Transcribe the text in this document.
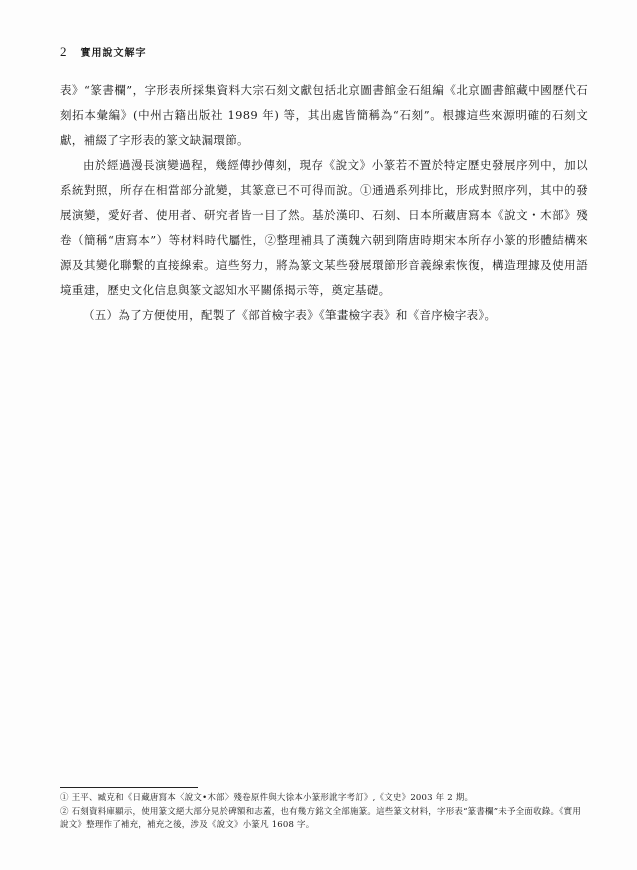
2 實用說文解字

表》“篆書欄”，字形表所採集資料大宗石刻文獻包括北京圖書館金石組編《北京圖書館藏中國歷代石刻拓本彙編》(中州古籍出版社 1989 年) 等，其出處皆簡稱為“石刻”。根據這些來源明確的石刻文獻，補綴了字形表的篆文缺漏環節。

由於經過漫長演變過程，幾經傳抄傳刻，現存《說文》小篆若不置於特定歷史發展序列中，加以系統對照，所存在相當部分訛變，其篆意已不可得而說。①通過系列排比，形成對照序列，其中的發展演變，愛好者、使用者、研究者皆一目了然。基於漢印、石刻、日本所藏唐寫本《說文・木部》殘卷（簡稱“唐寫本”）等材料時代屬性，②整理補具了漢魏六朝到隋唐時期宋本所存小篆的形體結構來源及其變化聯繫的直接線索。這些努力，將為篆文某些發展環節形音義線索恢復，構造理據及使用語境重建，歷史文化信息與篆文認知水平關係揭示等，奠定基礎。

（五）為了方便使用，配製了《部首檢字表》《筆畫檢字表》和《音序檢字表》。

① 王平、臧克和《日藏唐寫本〈說文•木部〉殘卷原件與大徐本小篆形訛字考訂》,《文史》2003 年 2 期。

② 石刻資料庫顯示，使用篆文絕大部分見於碑額和志蓋，也有幾方銘文全部施篆。這些篆文材料，字形表“篆書欄”未予全面收錄。《實用說文》整理作了補充，補充之後，涉及《說文》小篆凡 1608 字。
